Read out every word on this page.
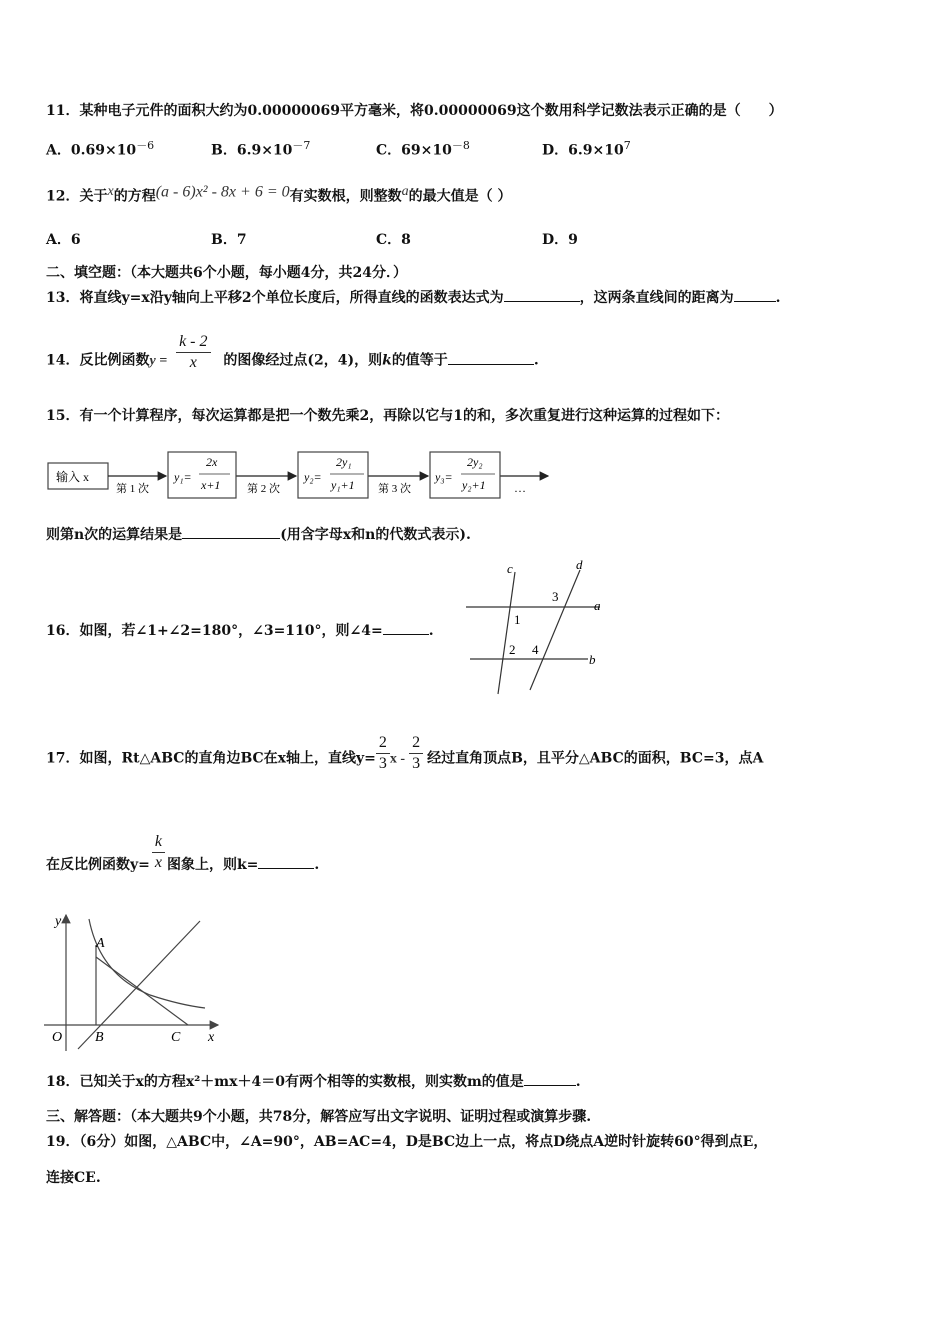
11．某种电子元件的面积大约为0.00000069平方毫米，将0.00000069这个数用科学记数法表示正确的是（　　）
A．$0.69\times 10^{-6}$	B．$6.9\times 10^{-7}$	C．$69\times 10^{-8}$	D．$6.9\times 10^7$
12．关于x的方程(a - 6)x² - 8x + 6 = 0有实数根，则整数a的最大值是（ ）
A．6	B．7	C．8	D．9
二、填空题：（本大题共6个小题，每小题4分，共24分．）
13．将直线y=x沿y轴向上平移2个单位长度后，所得直线的函数表达式为	，这两条直线间的距离为	.
14．反比例函数$y = \frac{k - 2}{x}$ 的图像经过点(2，4)，则k的值等于	.
15．有一个计算程序，每次运算都是把一个数先乘2，再除以它与1的和，多次重复进行这种运算的过程如下：
输入 x
第 1 次	第 2 次	第 3 次
y₁=
2x
x+1
y₂=
2y₁
y₁+1
y₃=
2y₂
y₂+1 …
则第n次的运算结果是	(用含字母x和n的代数式表示).
16．如图，若∠1+∠2=180°，∠3=110°，则∠4=	.
c	d
a
b
1
2
3
4
17．如图，Rt△ABC的直角边BC在x轴上，直线$y= \frac{2}{3}$ x - $\frac{2}{3}$ 经过直角顶点B，且平分△ABC的面积，BC=3，点A
在反比例函数$y= \frac{k}{x}$ 图象上，则k=	.
y
x
O
A
B	C
18．已知关于x的方程x²＋mx＋4＝0有两个相等的实数根，则实数m的值是	.
三、解答题：（本大题共9个小题，共78分，解答应写出文字说明、证明过程或演算步骤.
19．（6分）如图，△ABC中，∠A=90°，AB=AC=4，D是BC边上一点，将点D绕点A逆时针旋转60°得到点E，
连接CE.
